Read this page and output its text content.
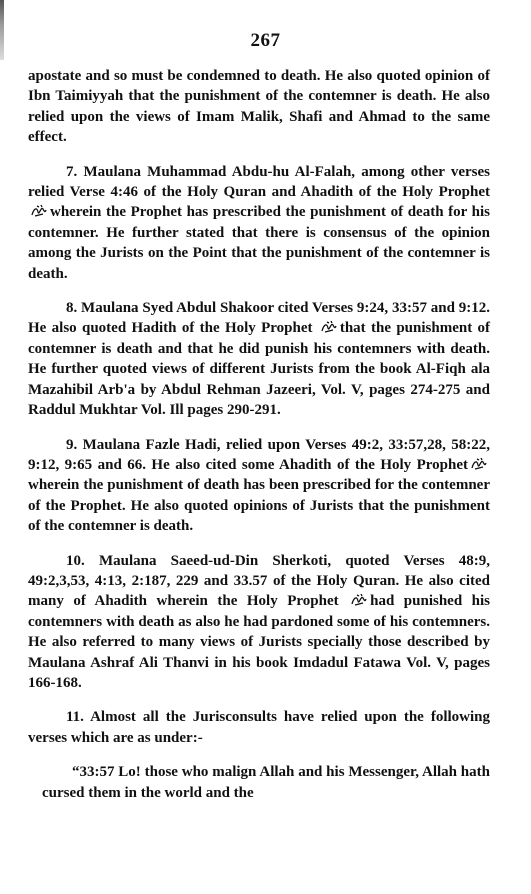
267

apostate and so must be condemned to death. He also quoted opinion of Ibn Taimiyyah that the punishment of the contemner is death. He also relied upon the views of Imam Malik, Shafi and Ahmad to the same effect.

7. Maulana Muhammad Abdu-hu Al-Falah, among other verses relied Verse 4:46 of the Holy Quran and Ahadith of the Holy Prophet
wherein the Prophet has prescribed the punishment of death for his contemner. He further stated that there is consensus of the opinion among the Jurists on the Point that the punishment of the contemner is death.

8. Maulana Syed Abdul Shakoor cited Verses 9:24, 33:57 and 9:12. He also quoted Hadith of the Holy Prophet that the punishment of contemner is death and that he did punish his contemners with death. He further quoted views of different Jurists from the book Al-Fiqh ala Mazahibil Arb'a by Abdul Rehman Jazeeri, Vol. V, pages 274-275 and Raddul Mukhtar Vol. Ill pages 290-291.

9. Maulana Fazle Hadi, relied upon Verses 49:2, 33:57,28, 58:22, 9:12, 9:65 and 66. He also cited some Ahadith of the Holy Prophet
wherein the punishment of death has been prescribed for the contemner of the Prophet. He also quoted opinions of Jurists that the punishment of the contemner is death.

10. Maulana Saeed-ud-Din Sherkoti, quoted Verses 48:9, 49:2,3,53, 4:13, 2:187, 229 and 33.57 of the Holy Quran. He also cited many of Ahadith wherein the Holy Prophet had punished his contemners with death as also he had pardoned some of his contemners. He also referred to many views of Jurists specially those described by Maulana Ashraf Ali Thanvi in his book Imdadul Fatawa Vol. V, pages 166-168.

11. Almost all the Jurisconsults have relied upon the following verses which are as under:-

“33:57 Lo! those who malign Allah and his Messenger, Allah hath cursed them in the world and the
